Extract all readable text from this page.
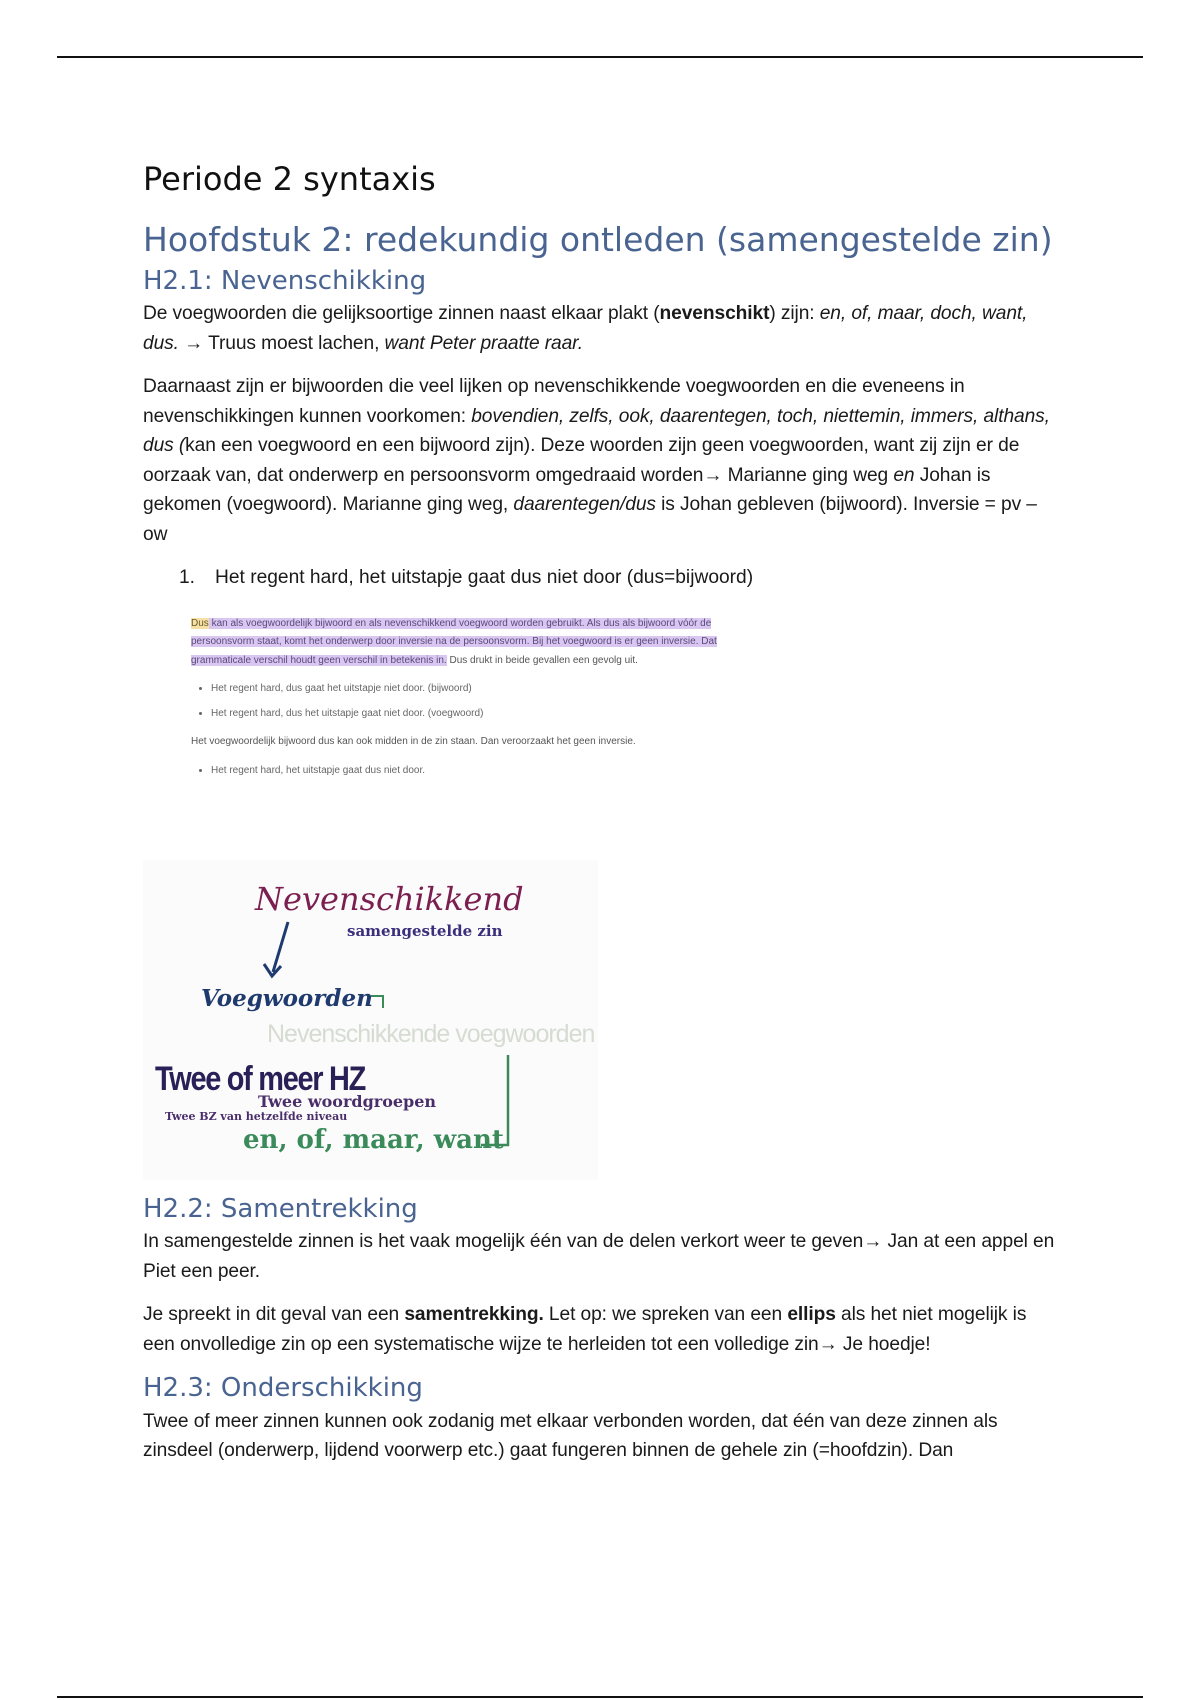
Periode 2 syntaxis
Hoofdstuk 2: redekundig ontleden (samengestelde zin)
H2.1: Nevenschikking

De voegwoorden die gelijksoortige zinnen naast elkaar plakt (nevenschikt) zijn: en, of, maar, doch, want, dus. → Truus moest lachen, want Peter praatte raar.

Daarnaast zijn er bijwoorden die veel lijken op nevenschikkende voegwoorden en die eveneens in nevenschikkingen kunnen voorkomen: bovendien, zelfs, ook, daarentegen, toch, niettemin, immers, althans, dus (kan een voegwoord en een bijwoord zijn). Deze woorden zijn geen voegwoorden, want zij zijn er de oorzaak van, dat onderwerp en persoonsvorm omgedraaid worden→ Marianne ging weg en Johan is gekomen (voegwoord). Marianne ging weg, daarentegen/dus is Johan gebleven (bijwoord). Inversie = pv – ow

1. Het regent hard, het uitstapje gaat dus niet door (dus=bijwoord)

Dus kan als voegwoordelijk bijwoord en als nevenschikkend voegwoord worden gebruikt. Als dus als bijwoord vóór de persoonsvorm staat, komt het onderwerp door inversie na de persoonsvorm. Bij het voegwoord is er geen inversie. Dat grammaticale verschil houdt geen verschil in betekenis in. Dus drukt in beide gevallen een gevolg uit.

• Het regent hard, dus gaat het uitstapje niet door. (bijwoord)
• Het regent hard, dus het uitstapje gaat niet door. (voegwoord)

Het voegwoordelijk bijwoord dus kan ook midden in de zin staan. Dan veroorzaakt het geen inversie.

• Het regent hard, het uitstapje gaat dus niet door.
Nevenschikkend
samengestelde zin
Voegwoorden
Nevenschikkende voegwoorden
Twee of meer HZ
Twee woordgroepen
Twee BZ van hetzelfde niveau
en, of, maar, want
H2.2: Samentrekking

In samengestelde zinnen is het vaak mogelijk één van de delen verkort weer te geven→ Jan at een appel en Piet een peer.

Je spreekt in dit geval van een samentrekking. Let op: we spreken van een ellips als het niet mogelijk is een onvolledige zin op een systematische wijze te herleiden tot een volledige zin→ Je hoedje!

H2.3: Onderschikking

Twee of meer zinnen kunnen ook zodanig met elkaar verbonden worden, dat één van deze zinnen als zinsdeel (onderwerp, lijdend voorwerp etc.) gaat fungeren binnen de gehele zin (=hoofdzin). Dan
